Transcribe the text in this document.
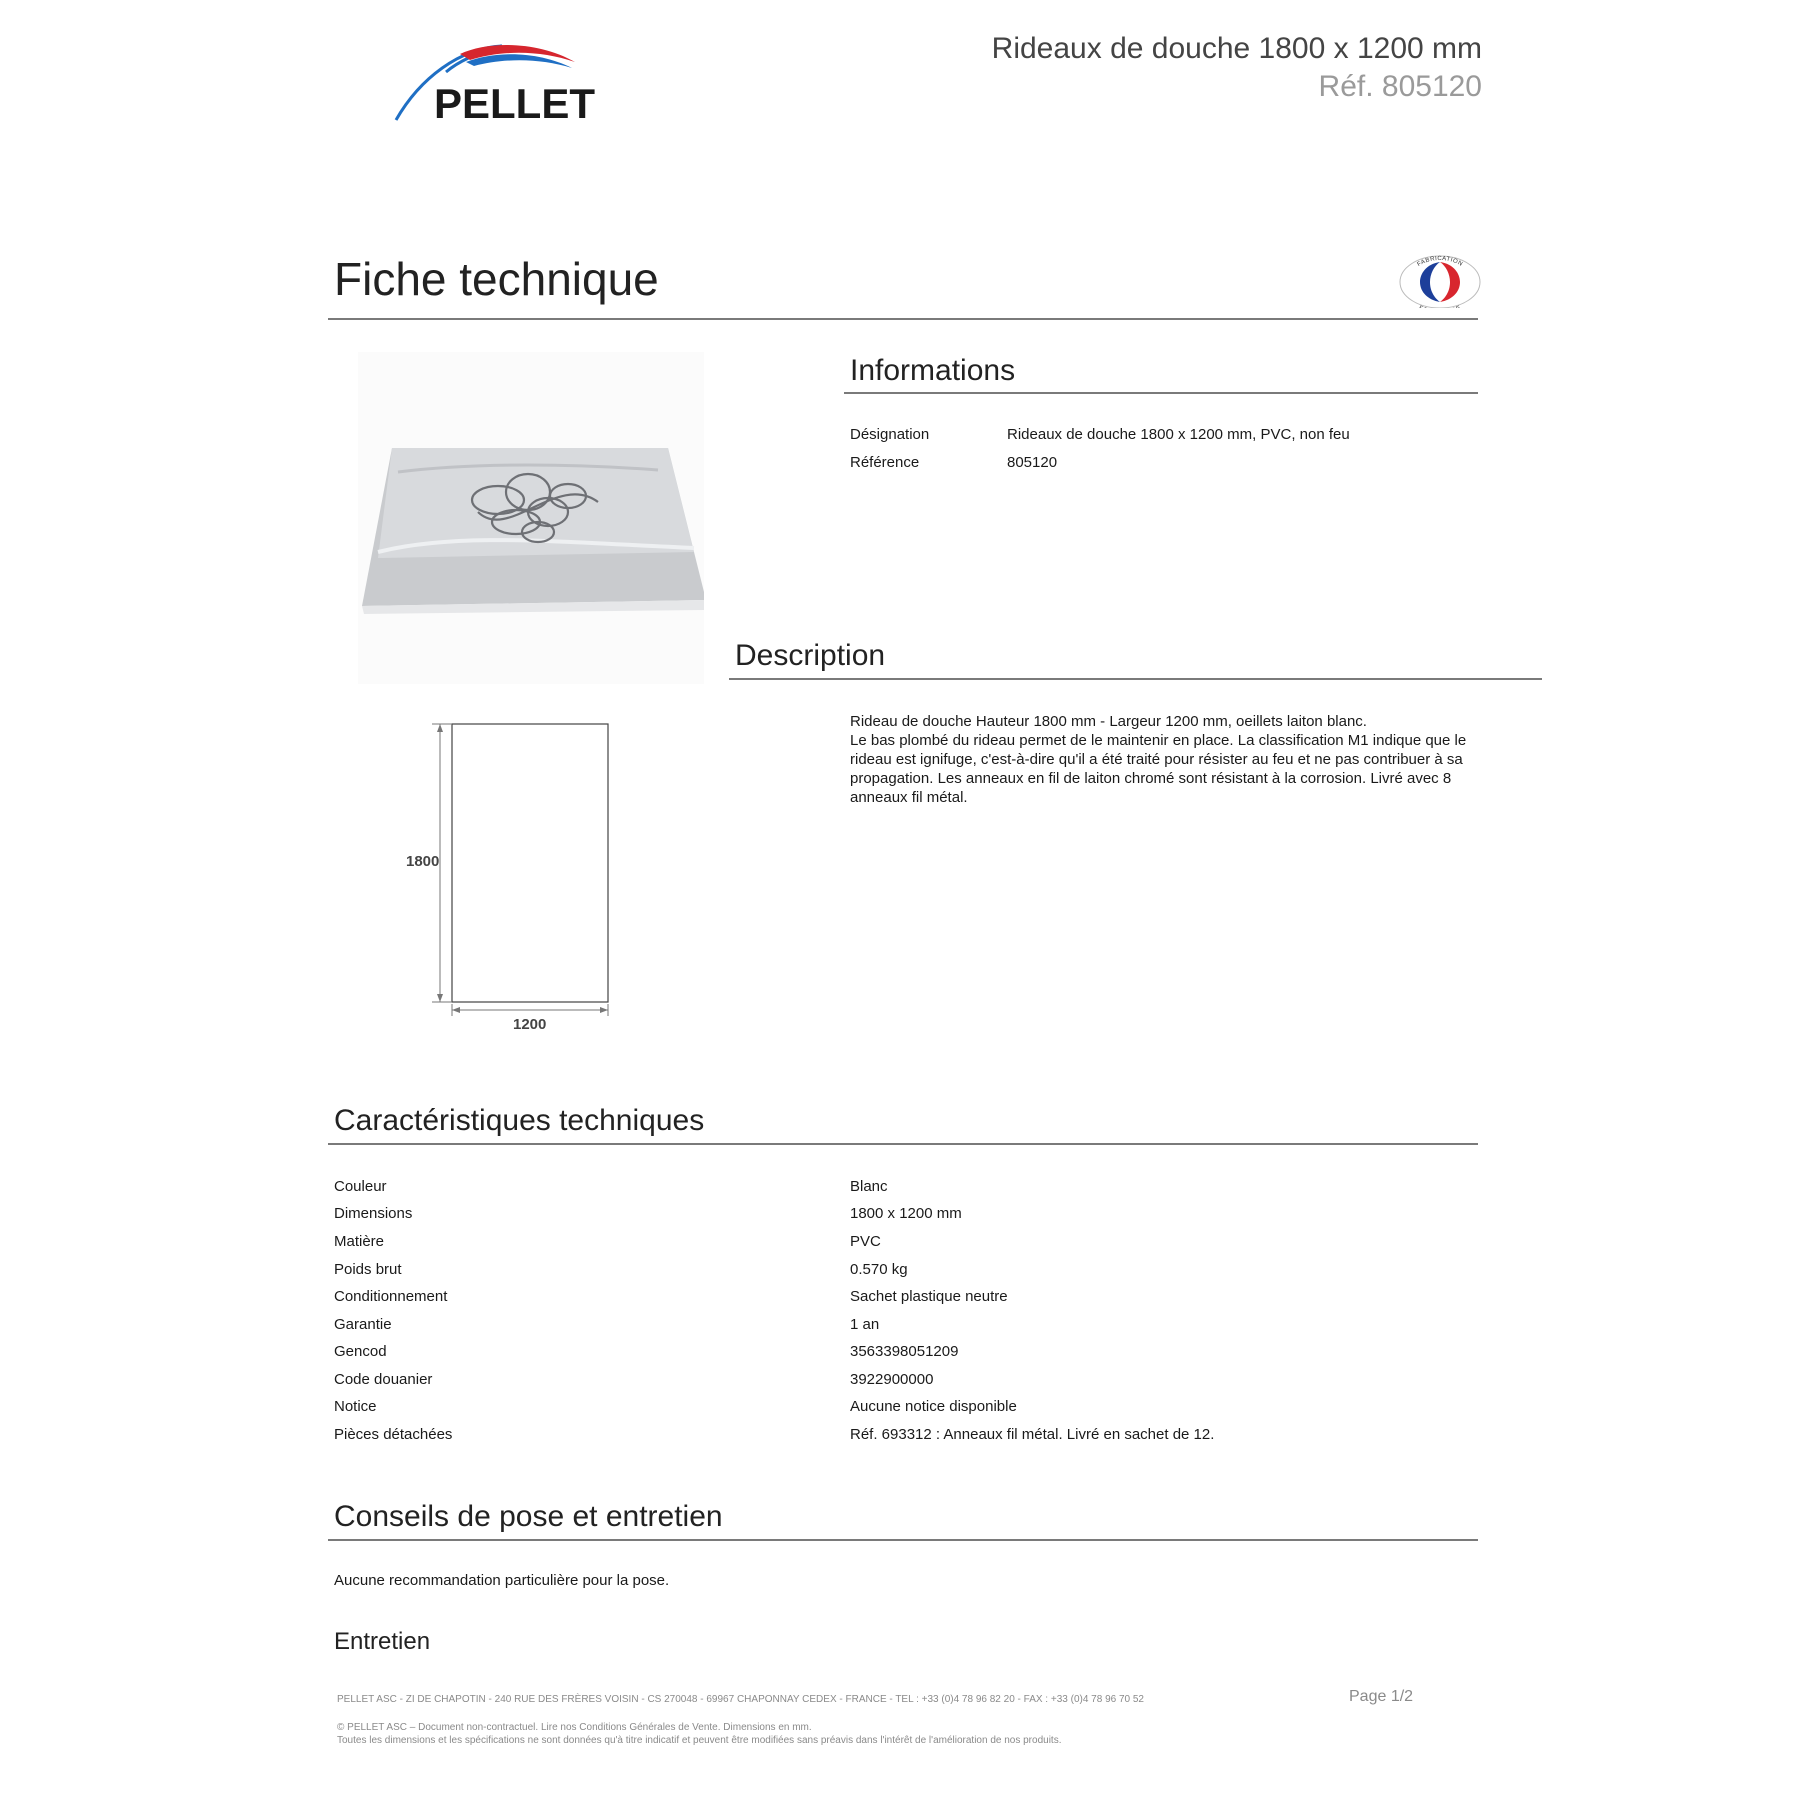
PELLET
Rideaux de douche 1800 x 1200 mm
Réf. 805120
Fiche technique	FABRICATION
Informations
Désignation	Rideaux de douche 1800 x 1200 mm, PVC, non feu
Référence	805120
Description
Rideau de douche Hauteur 1800 mm - Largeur 1200 mm, oeillets laiton blanc.
Le bas plombé du rideau permet de le maintenir en place. La classification M1 indique que le rideau est ignifuge, c'est-à-dire qu'il a été traité pour résister au feu et ne pas contribuer à sa propagation. Les anneaux en fil de laiton chromé sont résistant à la corrosion. Livré avec 8 anneaux fil métal.
1800
1200
Caractéristiques techniques
Couleur	Blanc
Dimensions	1800 x 1200 mm
Matière	PVC
Poids brut	0.570 kg
Conditionnement	Sachet plastique neutre
Garantie	1 an
Gencod	3563398051209
Code douanier	3922900000
Notice	Aucune notice disponible
Pièces détachées	Réf. 693312 : Anneaux fil métal. Livré en sachet de 12.
Conseils de pose et entretien
Aucune recommandation particulière pour la pose.
Entretien
PELLET ASC - ZI DE CHAPOTIN - 240 RUE DES FRÈRES VOISIN - CS 270048 - 69967 CHAPONNAY CEDEX - FRANCE - TEL : +33 (0)4 78 96 82 20 - FAX : +33 (0)4 78 96 70 52	Page 1/2
© PELLET ASC – Document non-contractuel. Lire nos Conditions Générales de Vente. Dimensions en mm.
Toutes les dimensions et les spécifications ne sont données qu'à titre indicatif et peuvent être modifiées sans préavis dans l'intérêt de l'amélioration de nos produits.
